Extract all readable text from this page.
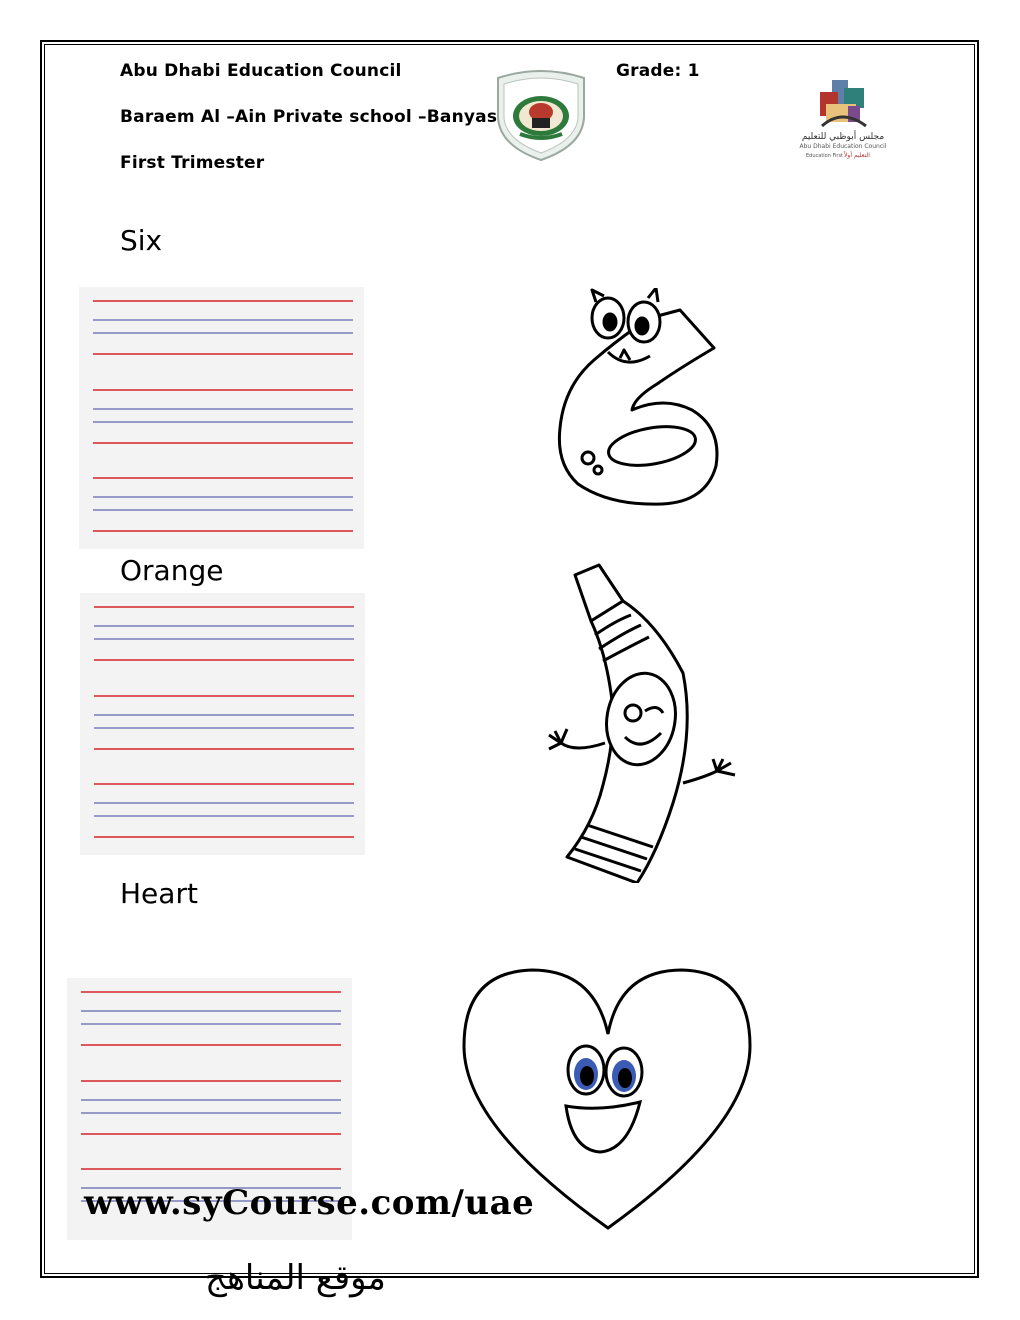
Abu Dhabi Education Council
Baraem Al –Ain Private school –Banyas
First Trimester
Grade: 1
مجلس أبوظبي للتعليم
Abu Dhabi Education Council
Education First التعليم أولاً
Six
Orange
Heart
www.syCourse.com/uae
موقع المناهج
